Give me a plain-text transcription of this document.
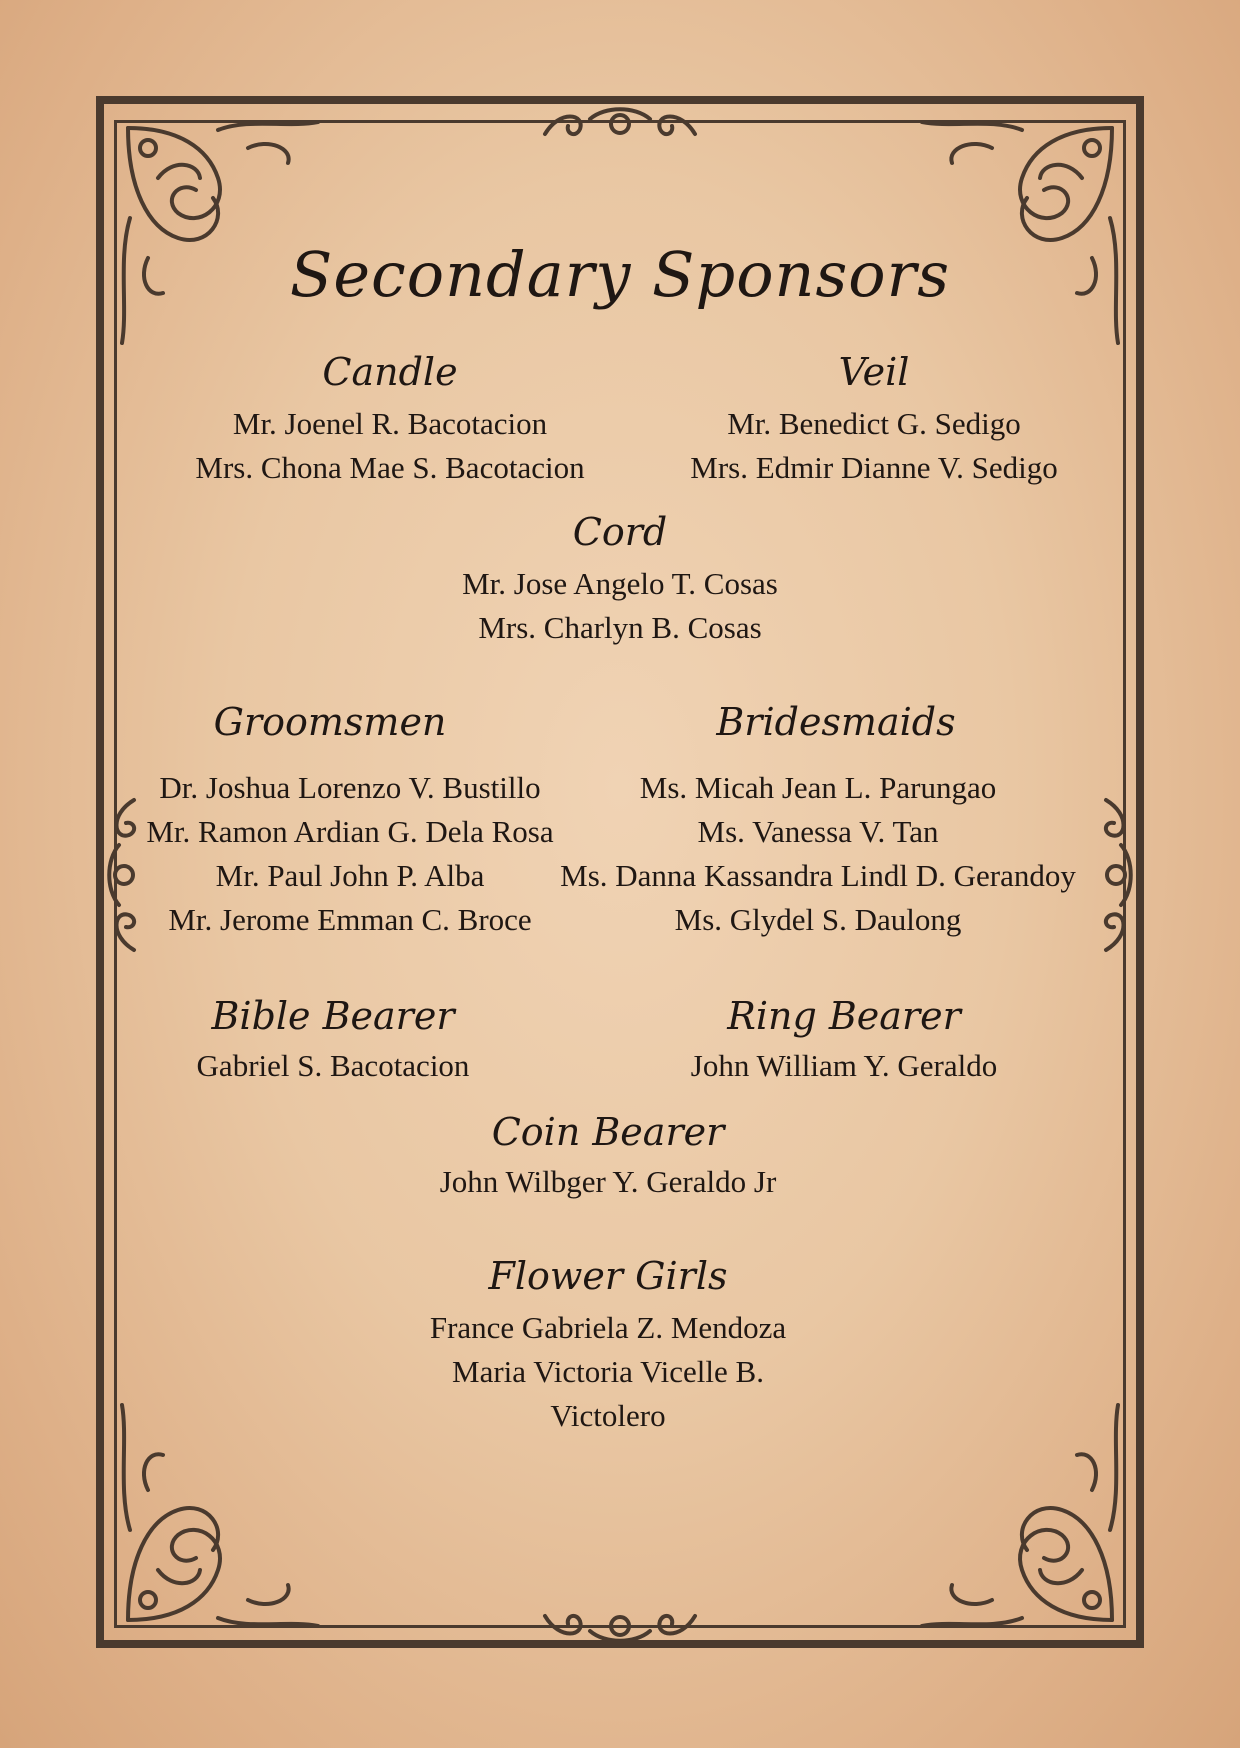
Secondary Sponsors
Candle
Mr. Joenel R. Bacotacion
Mrs. Chona Mae S. Bacotacion
Veil
Mr. Benedict G. Sedigo
Mrs. Edmir Dianne V. Sedigo
Cord
Mr. Jose Angelo T. Cosas
Mrs. Charlyn B. Cosas
Groomsmen
Dr. Joshua Lorenzo V. Bustillo
Mr. Ramon Ardian G. Dela Rosa
Mr. Paul John P. Alba
Mr. Jerome Emman C. Broce
Bridesmaids
Ms. Micah Jean L. Parungao
Ms. Vanessa V. Tan
Ms. Danna Kassandra Lindl D. Gerandoy
Ms. Glydel S. Daulong
Bible Bearer
Gabriel S. Bacotacion
Ring Bearer
John William Y. Geraldo
Coin Bearer
John Wilbger Y. Geraldo Jr
Flower Girls
France Gabriela Z. Mendoza
Maria Victoria Vicelle B.
Victolero
